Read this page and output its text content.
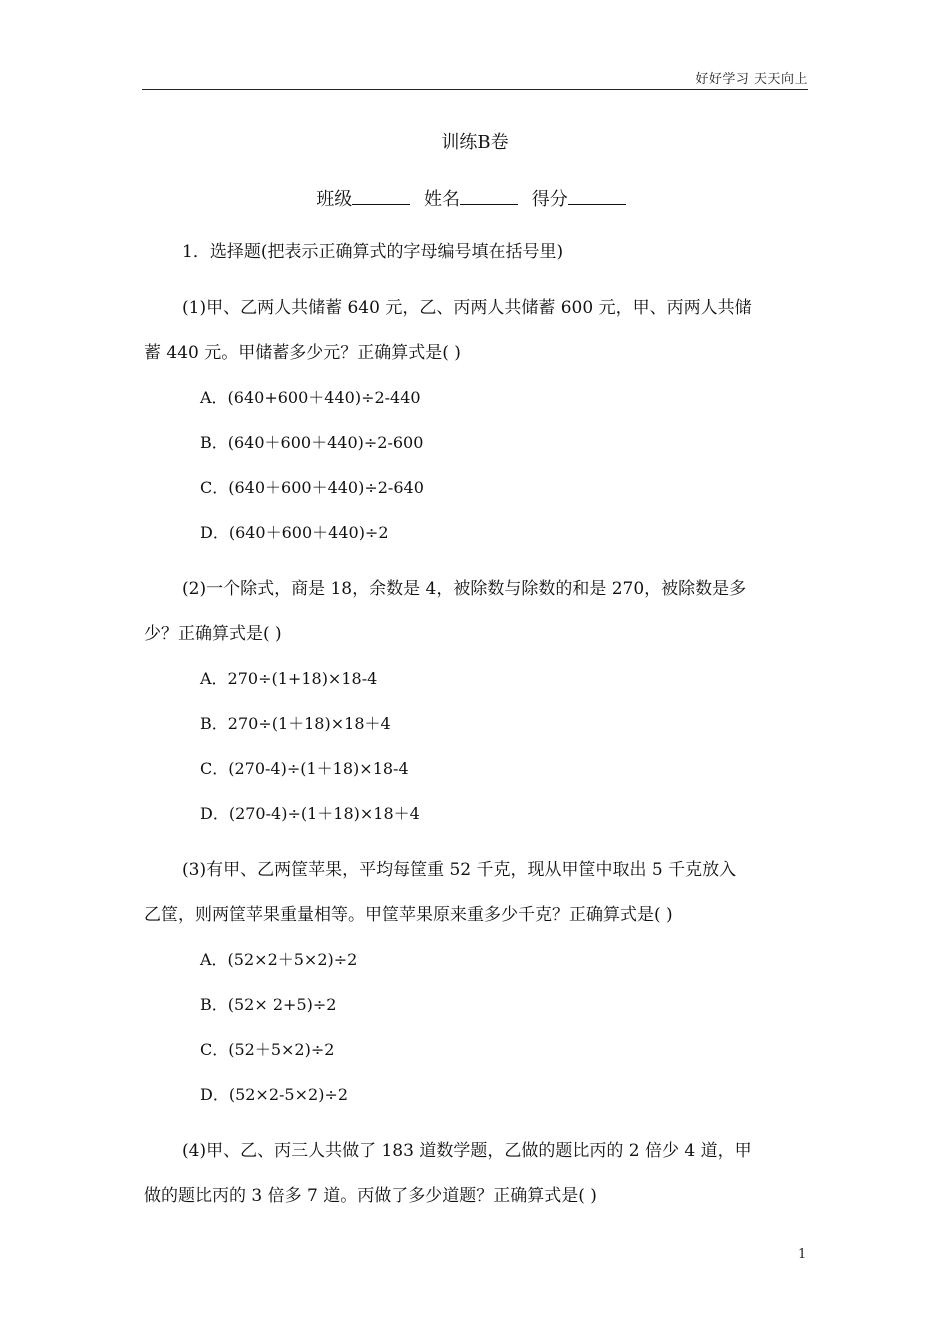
好好学习 天天向上
训练B卷
班级	姓名	得分
1．选择题(把表示正确算式的字母编号填在括号里)
(1)甲、乙两人共储蓄 640 元，乙、丙两人共储蓄 600 元，甲、丙两人共储
蓄 440 元。甲储蓄多少元？正确算式是( )
A．(640+600＋440)÷2-440
B．(640＋600＋440)÷2-600
C．(640＋600＋440)÷2-640
D．(640＋600＋440)÷2
(2)一个除式，商是 18，余数是 4，被除数与除数的和是 270，被除数是多
少？正确算式是( )
A．270÷(1+18)×18-4
B．270÷(1＋18)×18＋4
C．(270-4)÷(1＋18)×18-4
D．(270-4)÷(1＋18)×18＋4
(3)有甲、乙两筐苹果，平均每筐重 52 千克，现从甲筐中取出 5 千克放入
乙筐，则两筐苹果重量相等。甲筐苹果原来重多少千克？正确算式是( )
A．(52×2＋5×2)÷2
B．(52× 2+5)÷2
C．(52＋5×2)÷2
D．(52×2-5×2)÷2
(4)甲、乙、丙三人共做了 183 道数学题，乙做的题比丙的 2 倍少 4 道，甲
做的题比丙的 3 倍多 7 道。丙做了多少道题？正确算式是( )
1
